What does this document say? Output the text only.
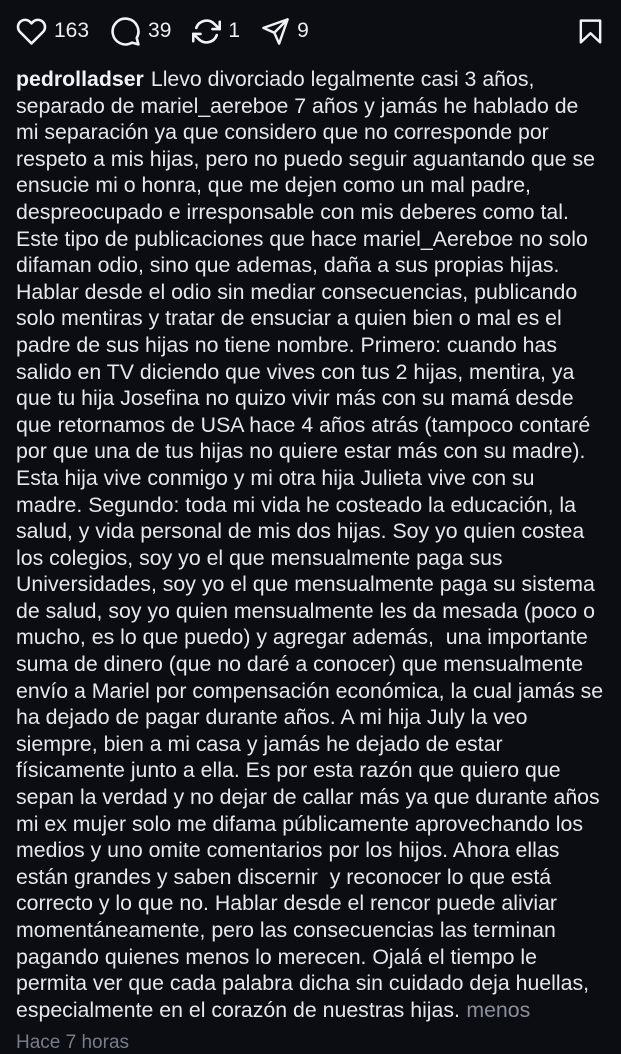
163	39	1	9
pedrolladser Llevo divorciado legalmente casi 3 años, separado de mariel_aereboe 7 años y jamás he hablado de mi separación ya que considero que no corresponde por respeto a mis hijas, pero no puedo seguir aguantando que se ensucie mi o honra, que me dejen como un mal padre, despreocupado e irresponsable con mis deberes como tal. Este tipo de publicaciones que hace mariel_Aereboe no solo difaman odio, sino que ademas, daña a sus propias hijas. Hablar desde el odio sin mediar consecuencias, publicando solo mentiras y tratar de ensuciar a quien bien o mal es el padre de sus hijas no tiene nombre. Primero: cuando has salido en TV diciendo que vives con tus 2 hijas, mentira, ya que tu hija Josefina no quizo vivir más con su mamá desde que retornamos de USA hace 4 años atrás (tampoco contaré por que una de tus hijas no quiere estar más con su madre). Esta hija vive conmigo y mi otra hija Julieta vive con su madre. Segundo: toda mi vida he costeado la educación, la salud, y vida personal de mis dos hijas. Soy yo quien costea los colegios, soy yo el que mensualmente paga sus Universidades, soy yo el que mensualmente paga su sistema de salud, soy yo quien mensualmente les da mesada (poco o mucho, es lo que puedo) y agregar además,  una importante suma de dinero (que no daré a conocer) que mensualmente envío a Mariel por compensación económica, la cual jamás se ha dejado de pagar durante años. A mi hija July la veo siempre, bien a mi casa y jamás he dejado de estar físicamente junto a ella. Es por esta razón que quiero que sepan la verdad y no dejar de callar más ya que durante años mi ex mujer solo me difama públicamente aprovechando los medios y uno omite comentarios por los hijos. Ahora ellas están grandes y saben discernir  y reconocer lo que está correcto y lo que no. Hablar desde el rencor puede aliviar momentáneamente, pero las consecuencias las terminan pagando quienes menos lo merecen. Ojalá el tiempo le permita ver que cada palabra dicha sin cuidado deja huellas, especialmente en el corazón de nuestras hijas. menos
Hace 7 horas
